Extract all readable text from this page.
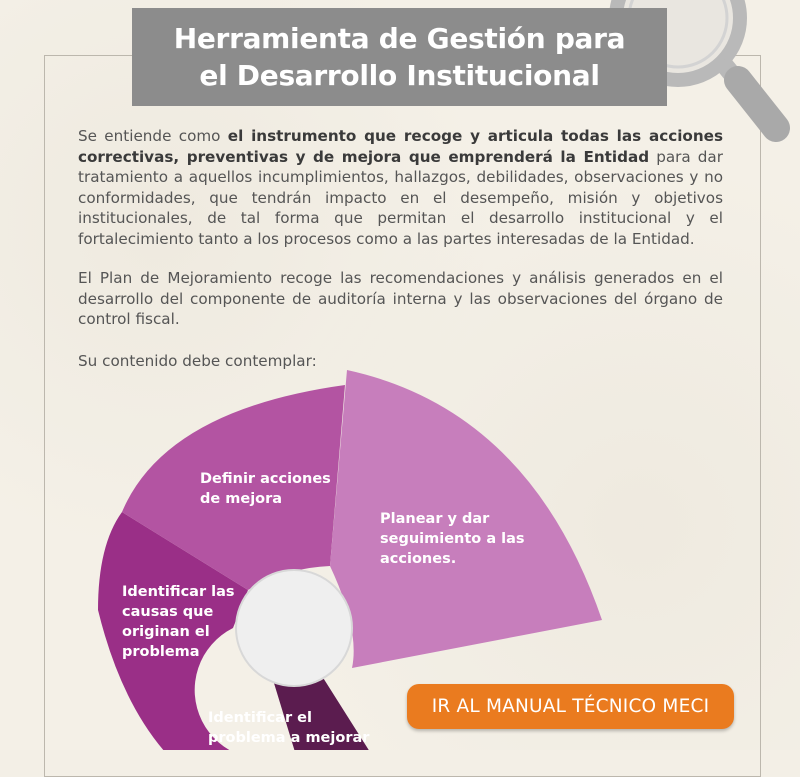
Herramienta de Gestión para
el Desarrollo Institucional

Se entiende como el instrumento que recoge y articula todas las acciones correctivas, preventivas y de mejora que emprenderá la Entidad para dar tratamiento a aquellos incumplimientos, hallazgos, debilidades, observaciones y no conformidades, que tendrán impacto en el desempeño, misión y objetivos institucionales, de tal forma que permitan el desarrollo institucional y el fortalecimiento tanto a los procesos como a las partes interesadas de la Entidad.

El Plan de Mejoramiento recoge las recomendaciones y análisis generados en el desarrollo del componente de auditoría interna y las observaciones del órgano de control fiscal.

Su contenido debe contemplar:

Definir acciones de mejora
Planear y dar seguimiento a las acciones.
Identificar las causas que originan el problema
Identificar el problema a mejorar
IR AL MANUAL TÉCNICO MECI
